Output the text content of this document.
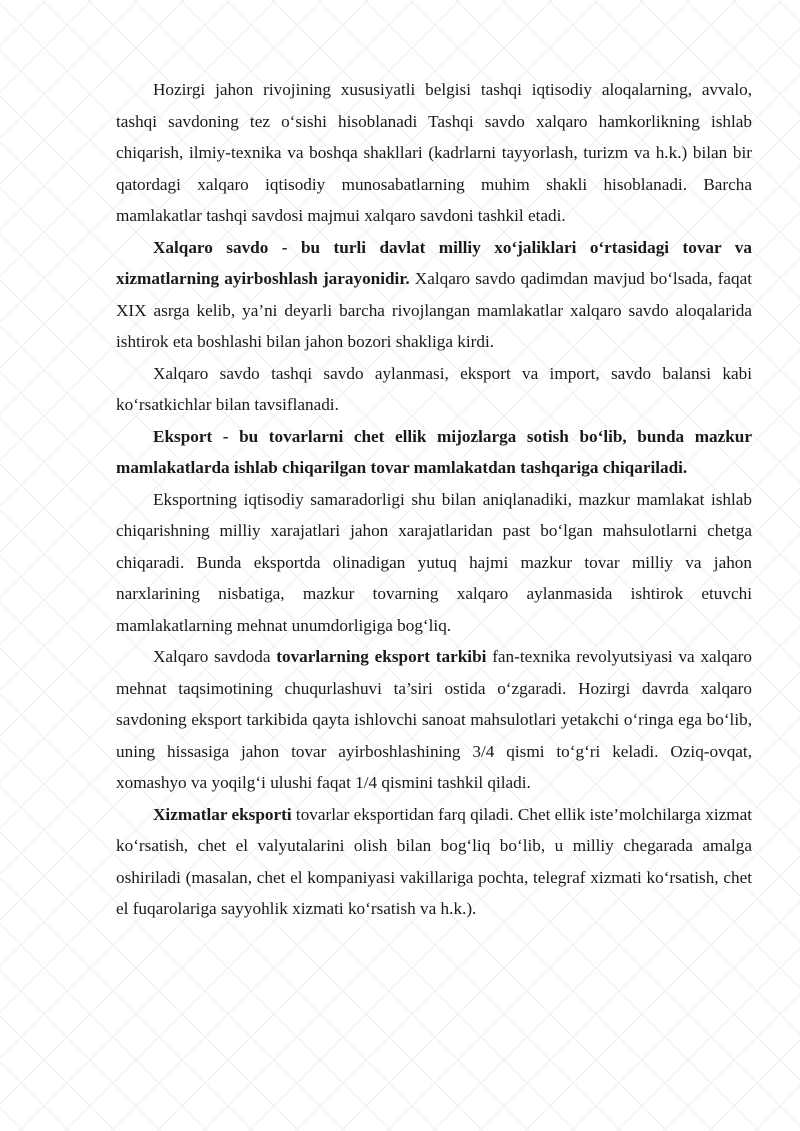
Hozirgi jahon rivojining xususiyatli belgisi tashqi iqtisodiy aloqalarning, avvalo, tashqi savdoning tez o‘sishi hisoblanadi Tashqi savdo xalqaro hamkorlikning ishlab chiqarish, ilmiy-texnika va boshqa shakllari (kadrlarni tayyorlash, turizm va h.k.) bilan bir qatordagi xalqaro iqtisodiy munosabatlarning muhim shakli hisoblanadi. Barcha mamlakatlar tashqi savdosi majmui xalqaro savdoni tashkil etadi.

Xalqaro savdo - bu turli davlat milliy xo‘jaliklari o‘rtasidagi tovar va xizmatlarning ayirboshlash jarayonidir. Xalqaro savdo qadimdan mavjud bo‘lsada, faqat XIX asrga kelib, ya’ni deyarli barcha rivojlangan mamlakatlar xalqaro savdo aloqalarida ishtirok eta boshlashi bilan jahon bozori shakliga kirdi.

Xalqaro savdo tashqi savdo aylanmasi, eksport va import, savdo balansi kabi ko‘rsatkichlar bilan tavsiflanadi.

Eksport - bu tovarlarni chet ellik mijozlarga sotish bo‘lib, bunda mazkur mamlakatlarda ishlab chiqarilgan tovar mamlakatdan tashqariga chiqariladi.

Eksportning iqtisodiy samaradorligi shu bilan aniqlanadiki, mazkur mamlakat ishlab chiqarishning milliy xarajatlari jahon xarajatlaridan past bo‘lgan mahsulotlarni chetga chiqaradi. Bunda eksportda olinadigan yutuq hajmi mazkur tovar milliy va jahon narxlarining nisbatiga, mazkur tovarning xalqaro aylanmasida ishtirok etuvchi mamlakatlarning mehnat unumdorligiga bog‘liq.

Xalqaro savdoda tovarlarning eksport tarkibi fan-texnika revolyutsiyasi va xalqaro mehnat taqsimotining chuqurlashuvi ta’siri ostida o‘zgaradi. Hozirgi davrda xalqaro savdoning eksport tarkibida qayta ishlovchi sanoat mahsulotlari yetakchi o‘ringa ega bo‘lib, uning hissasiga jahon tovar ayirboshlashining 3/4 qismi to‘g‘ri keladi. Oziq-ovqat, xomashyo va yoqilg‘i ulushi faqat 1/4 qismini tashkil qiladi.

Xizmatlar eksporti tovarlar eksportidan farq qiladi. Chet ellik iste’molchilarga xizmat ko‘rsatish, chet el valyutalarini olish bilan bog‘liq bo‘lib, u milliy chegarada amalga oshiriladi (masalan, chet el kompaniyasi vakillariga pochta, telegraf xizmati ko‘rsatish, chet el fuqarolariga sayyohlik xizmati ko‘rsatish va h.k.).
